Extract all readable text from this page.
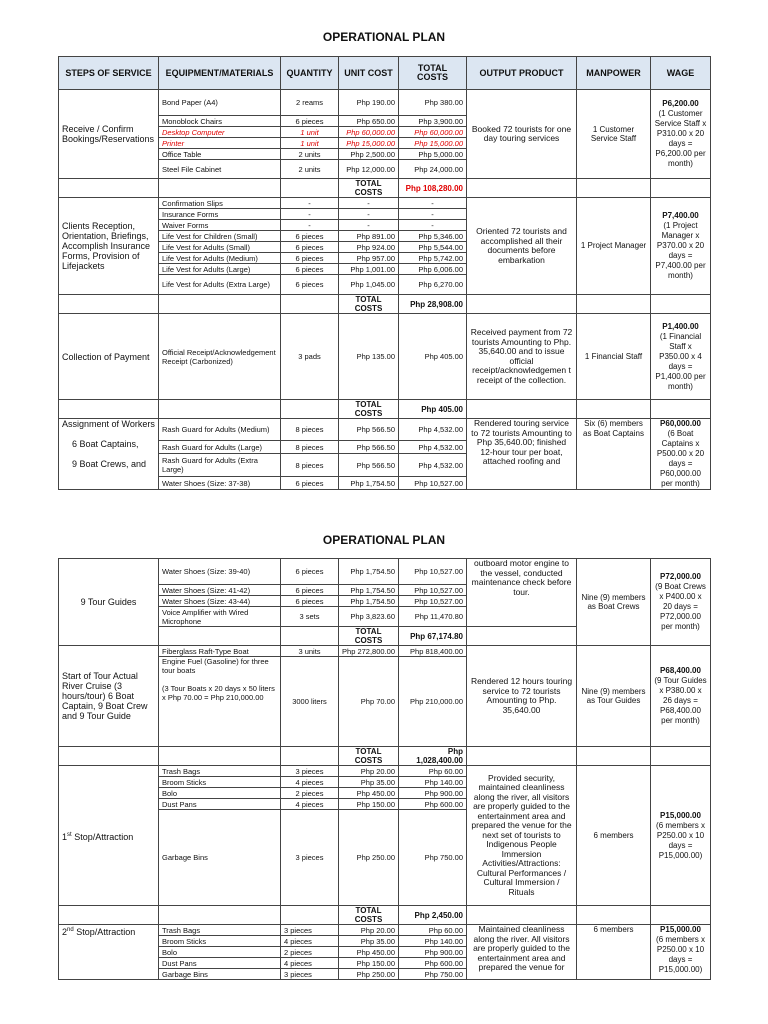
OPERATIONAL PLAN
STEPS OF SERVICE	EQUIPMENT/MATERIALS	QUANTITY	UNIT COST	TOTAL COSTS	OUTPUT PRODUCT	MANPOWER	WAGE
Receive / Confirm Bookings/Reservations	Bond Paper (A4)	2 reams	Php 190.00	Php 380.00	Booked 72 tourists for one day touring services	1 Customer Service Staff	P6,200.00
(1 Customer Service Staff x P310.00 x 20 days = P6,200.00 per month)
	Monoblock Chairs	6 pieces	Php 650.00	Php 3,900.00			
	Desktop Computer	1 unit	Php 60,000.00	Php 60,000.00			
	Printer	1 unit	Php 15,000.00	Php 15,000.00			
	Office Table	2 units	Php 2,500.00	Php 5,000.00			
	Steel File Cabinet	2 units	Php 12,000.00	Php 24,000.00			
			TOTAL COSTS	Php 108,280.00			
Clients Reception, Orientation, Briefings, Accomplish Insurance Forms, Provision of Lifejackets	Confirmation Slips	-	-	-	Oriented 72 tourists and accomplished all their documents before embarkation	1 Project Manager	P7,400.00
(1 Project Manager x P370.00 x 20 days = P7,400.00 per month)
	Insurance Forms	-	-	-			
	Waiver Forms	-	-	-			
	Life Vest for Children (Small)	6 pieces	Php 891.00	Php 5,346.00			
	Life Vest for Adults (Small)	6 pieces	Php 924.00	Php 5,544.00			
	Life Vest for Adults (Medium)	6 pieces	Php 957.00	Php 5,742.00			
	Life Vest for Adults (Large)	6 pieces	Php 1,001.00	Php 6,006.00			
	Life Vest for Adults (Extra Large)	6 pieces	Php 1,045.00	Php 6,270.00			
			TOTAL COSTS	Php 28,908.00			
Collection of Payment	Official Receipt/Acknowledgement Receipt (Carbonized)	3 pads	Php 135.00	Php 405.00	Received payment from 72 tourists Amounting to Php. 35,640.00 and to issue official receipt/acknowledgemen t receipt of the collection.	1 Financial Staff	P1,400.00
(1 Financial Staff x P350.00 x 4 days = P1,400.00 per month)
			TOTAL COSTS	Php 405.00			
Assignment of Workers

6 Boat Captains,

9 Boat Crews, and	Rash Guard for Adults (Medium)	8 pieces	Php 566.50	Php 4,532.00	Rendered touring service to 72 tourists Amounting to Php 35,640.00; finished 12-hour tour per boat, attached roofing and	Six (6) members as Boat Captains	P60,000.00
(6 Boat Captains x P500.00 x 20 days = P60,000.00 per month)
	Rash Guard for Adults (Large)	8 pieces	Php 566.50	Php 4,532.00			
	Rash Guard for Adults (Extra Large)	8 pieces	Php 566.50	Php 4,532.00			
	Water Shoes (Size: 37-38)	6 pieces	Php 1,754.50	Php 10,527.00			
OPERATIONAL PLAN
9 Tour Guides	Water Shoes (Size: 39-40)	6 pieces	Php 1,754.50	Php 10,527.00	outboard motor engine to the vessel, conducted maintenance check before tour.	Nine (9) members as Boat Crews	P72,000.00
(9 Boat Crews x P400.00 x 20 days = P72,000.00 per month)
	Water Shoes (Size: 41-42)	6 pieces	Php 1,754.50	Php 10,527.00			
	Water Shoes (Size: 43-44)	6 pieces	Php 1,754.50	Php 10,527.00			
	Voice Amplifier with Wired Microphone	3 sets	Php 3,823.60	Php 11,470.80			
			TOTAL COSTS	Php 67,174.80			
Start of Tour Actual River Cruise (3 hours/tour) 6 Boat Captain, 9 Boat Crew and 9 Tour Guide	Fiberglass Raft-Type Boat	3 units	Php 272,800.00	Php 818,400.00	Rendered 12 hours touring service to 72 tourists Amounting to Php. 35,640.00	Nine (9) members as Tour Guides	P68,400.00
(9 Tour Guides x P380.00 x 26 days = P68,400.00 per month)
	Engine Fuel (Gasoline) for three tour boats

(3 Tour Boats x 20 days x 50 liters x Php 70.00 = Php 210,000.00	3000 liters	Php 70.00	Php 210,000.00			
			TOTAL COSTS	Php 1,028,400.00			
1st Stop/Attraction	Trash Bags	3 pieces	Php 20.00	Php 60.00	Provided security, maintained cleanliness along the river, all visitors are properly guided to the entertainment area and prepared the venue for the next set of tourists to Indigenous People Immersion Activities/Attractions: Cultural Performances / Cultural Immersion / Rituals	6 members	P15,000.00
(6 members x P250.00 x 10 days = P15,000.00)
	Broom Sticks	4 pieces	Php 35.00	Php 140.00			
	Bolo	2 pieces	Php 450.00	Php 900.00			
	Dust Pans	4 pieces	Php 150.00	Php 600.00			
	Garbage Bins	3 pieces	Php 250.00	Php 750.00			
			TOTAL COSTS	Php 2,450.00			
2nd Stop/Attraction	Trash Bags	3 pieces	Php 20.00	Php 60.00	Maintained cleanliness along the river. All visitors are properly guided to the entertainment area and prepared the venue for	6 members	P15,000.00
(6 members x P250.00 x 10 days = P15,000.00)
	Broom Sticks	4 pieces	Php 35.00	Php 140.00			
	Bolo	2 pieces	Php 450.00	Php 900.00			
	Dust Pans	4 pieces	Php 150.00	Php 600.00			
	Garbage Bins	3 pieces	Php 250.00	Php 750.00			
